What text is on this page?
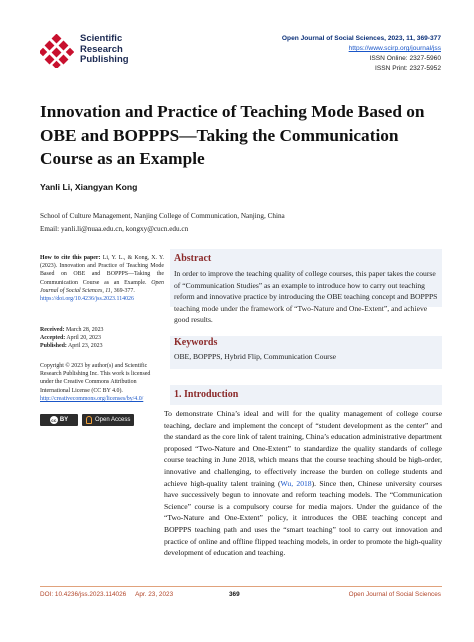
Scientific
Research
Publishing
Open Journal of Social Sciences, 2023, 11, 369-377
https://www.scirp.org/journal/jss
ISSN Online: 2327-5960
ISSN Print: 2327-5952
Innovation and Practice of Teaching Mode Based on OBE and BOPPPS—Taking the Communication Course as an Example
Yanli Li, Xiangyan Kong
School of Culture Management, Nanjing College of Communication, Nanjing, China
Email: yanli.li@nuaa.edu.cn, kongxy@cucn.edu.cn
How to cite this paper: Li, Y. L., & Kong, X. Y. (2023). Innovation and Practice of Teaching Mode Based on OBE and BOPPPS—Taking the Communication Course as an Example. Open Journal of Social Sciences, 11, 369-377.
https://doi.org/10.4236/jss.2023.114026
Received: March 28, 2023
Accepted: April 20, 2023
Published: April 23, 2023
Copyright © 2023 by author(s) and Scientific Research Publishing Inc. This work is licensed under the Creative Commons Attribution International License (CC BY 4.0).
http://creativecommons.org/licenses/by/4.0/
cc BY	Open Access
Abstract
In order to improve the teaching quality of college courses, this paper takes the course of “Communication Studies” as an example to introduce how to carry out teaching reform and innovative practice by introducing the OBE teaching concept and BOPPPS teaching mode under the framework of “Two-Nature and One-Extent”, and achieve good results.
Keywords
OBE, BOPPPS, Hybrid Flip, Communication Course
1. Introduction
To demonstrate China’s ideal and will for the quality management of college course teaching, declare and implement the concept of “student development as the center” and the standard as the core link of talent training, China’s education administrative department proposed “Two-Nature and One-Extent” to standardize the quality standards of college course teaching in June 2018, which means that the course teaching should be high-order, innovative and challenging, to effectively increase the burden on college students and achieve high-quality talent training (Wu, 2018). Since then, Chinese university courses have successively begun to innovate and reform teaching models. The “Communication Science” course is a compulsory course for media majors. Under the guidance of the “Two-Nature and One-Extent” policy, it introduces the OBE teaching concept and BOPPPS teaching path and uses the “smart teaching” tool to carry out innovation and practice of online and offline flipped teaching models, in order to promote the high-quality development of education and teaching.
DOI: 10.4236/jss.2023.114026 Apr. 23, 2023	369	Open Journal of Social Sciences
